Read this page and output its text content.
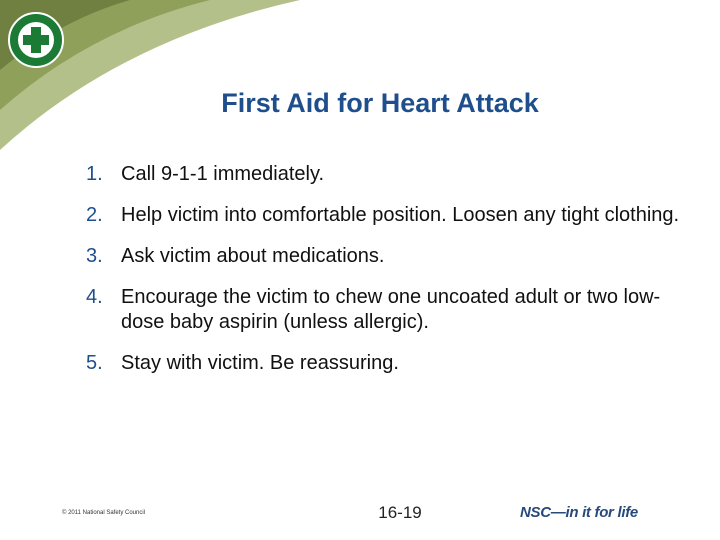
First Aid for Heart Attack
1. Call 9-1-1 immediately.
2. Help victim into comfortable position. Loosen any tight clothing.
3. Ask victim about medications.
4. Encourage the victim to chew one uncoated adult or two low-dose baby aspirin (unless allergic).
5. Stay with victim. Be reassuring.
© 2011 National Safety Council	16-19	NSC—in it for life
